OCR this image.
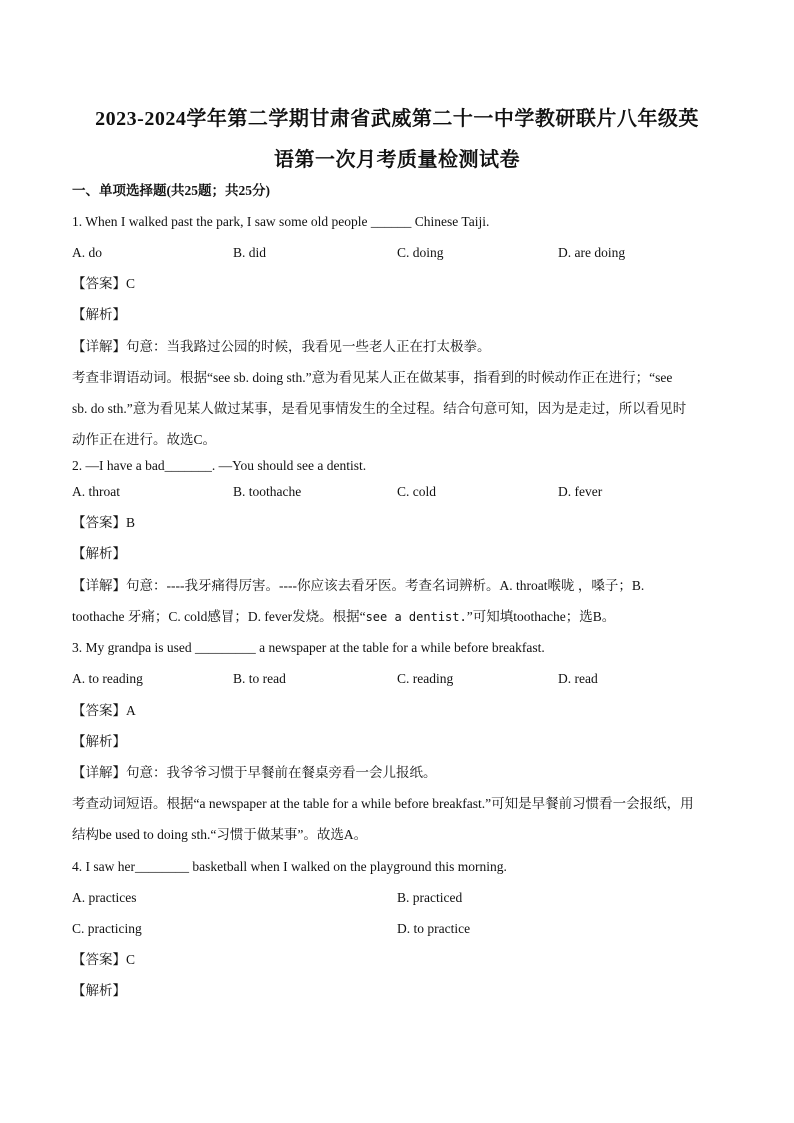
2023-2024学年第二学期甘肃省武威第二十一中学教研联片八年级英
语第一次月考质量检测试卷
一、单项选择题(共25题；共25分)
1. When I walked past the park, I saw some old people ______ Chinese Taiji.
A. do	B. did	C. doing	D. are doing
【答案】C
【解析】
【详解】句意：当我路过公园的时候，我看见一些老人正在打太极拳。
考查非谓语动词。根据“see sb. doing sth.”意为看见某人正在做某事，指看到的时候动作正在进行；“see
sb. do sth.”意为看见某人做过某事，是看见事情发生的全过程。结合句意可知，因为是走过，所以看见时
动作正在进行。故选C。
2. —I have a bad_______. —You should see a dentist.
A. throat	B. toothache	C. cold	D. fever
【答案】B
【解析】
【详解】句意：----我牙痛得厉害。----你应该去看牙医。考查名词辨析。A. throat喉咙 ，嗓子；B.
toothache 牙痛；C. cold感冒；D. fever发烧。根据“see a dentist.”可知填toothache；选B。
3. My grandpa is used _________ a newspaper at the table for a while before breakfast.
A. to reading	B. to read	C. reading	D. read
【答案】A
【解析】
【详解】句意：我爷爷习惯于早餐前在餐桌旁看一会儿报纸。
考查动词短语。根据“a newspaper at the table for a while before breakfast.”可知是早餐前习惯看一会报纸，用
结构be used to doing sth.“习惯于做某事”。故选A。
4. I saw her________ basketball when I walked on the playground this morning.
A. practices	B. practiced
C. practicing	D. to practice
【答案】C
【解析】
